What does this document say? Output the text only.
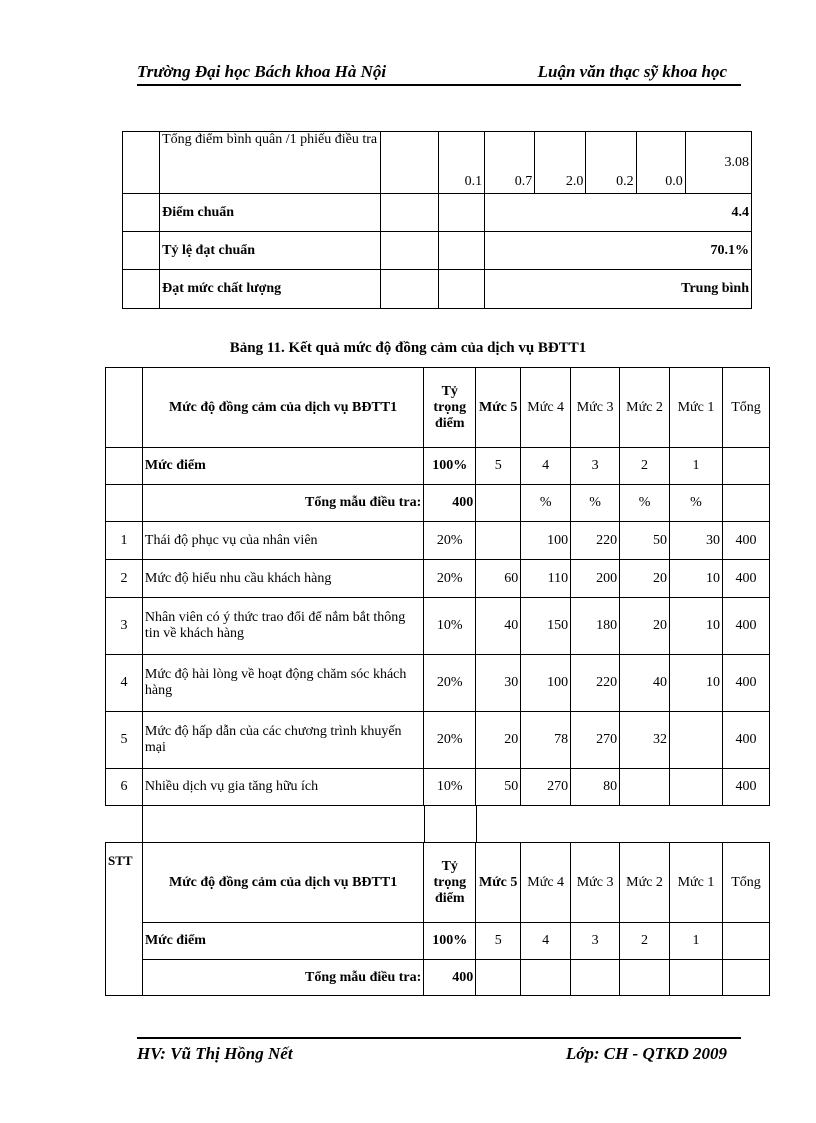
Trường Đại học Bách khoa Hà Nội	Luận văn thạc sỹ khoa học
	Tổng điểm bình quân /1 phiếu điều tra		0.1	0.7	2.0	0.2	0.0	3.08
	Điểm chuẩn			4.4				
	Tỷ lệ đạt chuẩn			70.1%				
	Đạt mức chất lượng			Trung bình				
Bảng 11. Kết quả mức độ đồng cảm của dịch vụ BĐTT1
	Mức độ đồng cảm của dịch vụ BĐTT1	Tỷ trọng điểm	Mức 5	Mức 4	Mức 3	Mức 2	Mức 1	Tổng
	Mức điểm	100%	5	4	3	2	1	
	Tổng mẫu điều tra:	400		%	%	%	%	
1	Thái độ phục vụ của nhân viên	20%		100	220	50	30	400
2	Mức độ hiểu nhu cầu khách hàng	20%	60	110	200	20	10	400
3	Nhân viên có ý thức trao đổi để nắm bắt thông tin về khách hàng	10%	40	150	180	20	10	400
4	Mức độ hài lòng về hoạt động chăm sóc khách hàng	20%	30	100	220	40	10	400
5	Mức độ hấp dẫn của các chương trình khuyến mại	20%	20	78	270	32		400
6	Nhiều dịch vụ gia tăng hữu ích	10%	50	270	80			400
STT	Mức độ đồng cảm của dịch vụ BĐTT1	Tỷ trọng điểm	Mức 5	Mức 4	Mức 3	Mức 2	Mức 1	Tổng
	Mức điểm	100%	5	4	3	2	1	
	Tổng mẫu điều tra:	400						
HV: Vũ Thị Hồng Nết	Lớp: CH - QTKD 2009
